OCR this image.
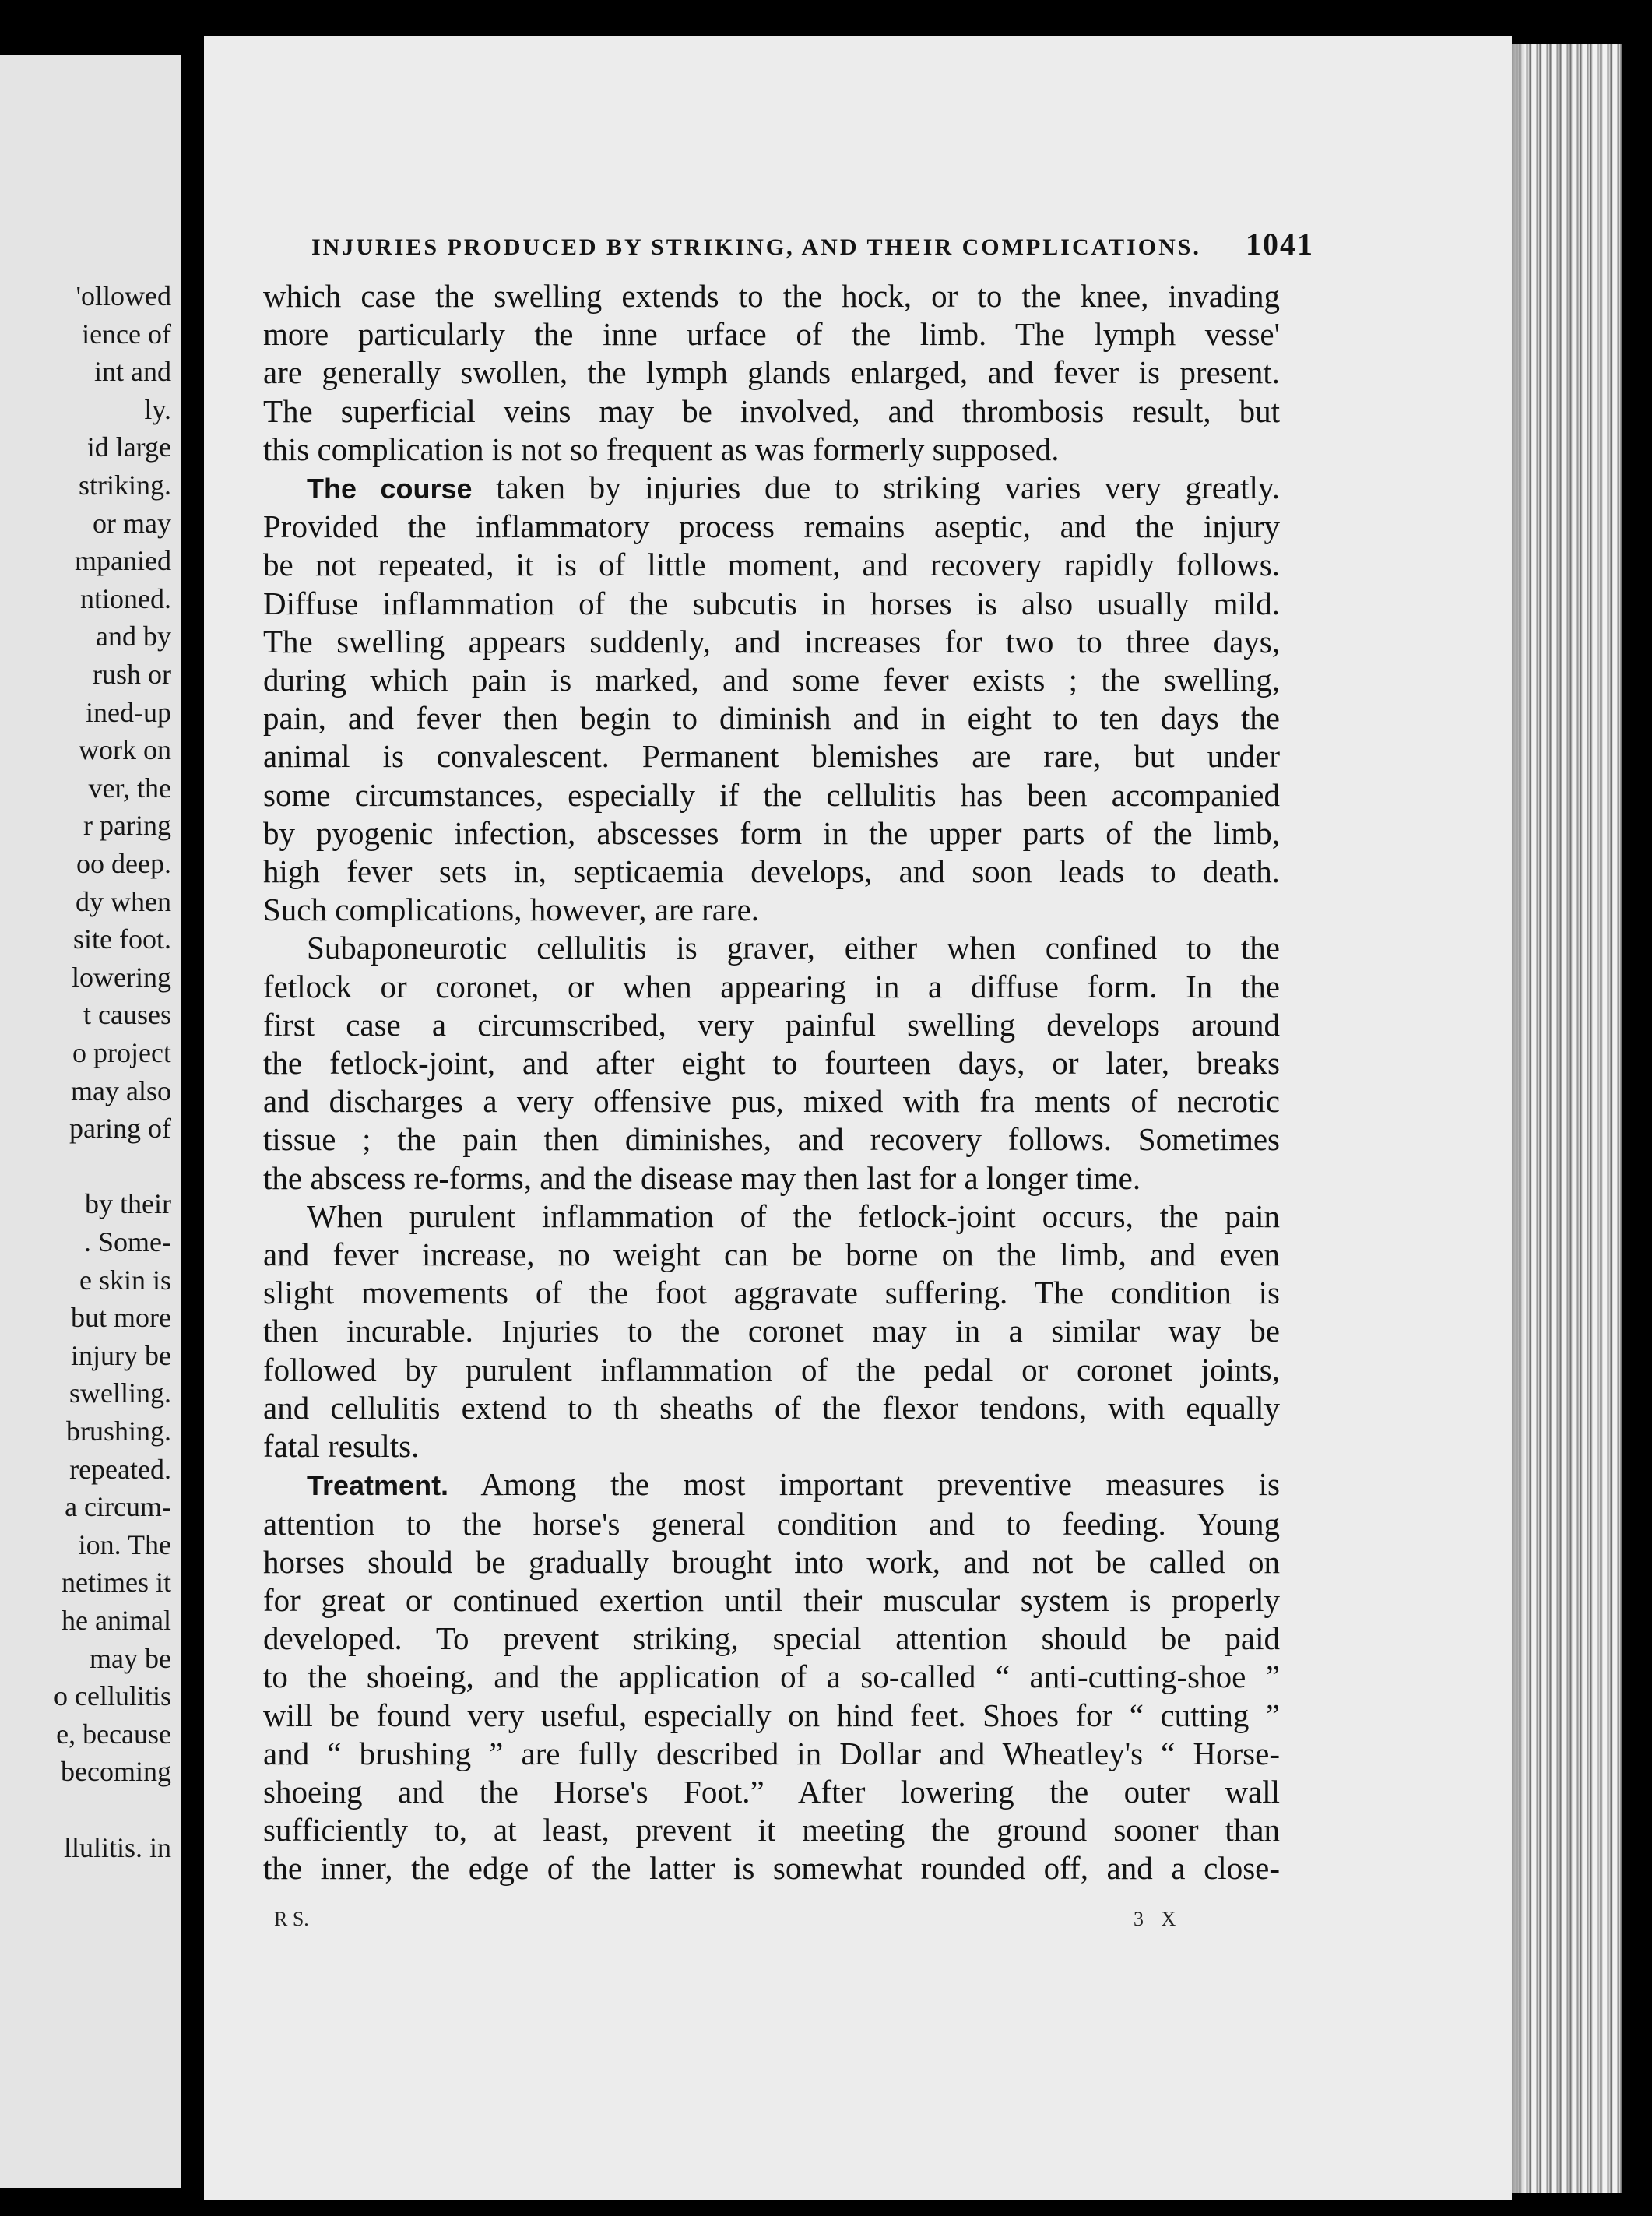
'ollowed
ience of
int and
ly.
id large
striking.
or may
mpanied
ntioned.
and by
rush or
ined-up
work on
ver, the
r paring
oo deep.
dy when
site foot.
lowering
t causes
o project
may also
paring of
by their
. Some-
e skin is
but more
injury be
swelling.
brushing.
repeated.
a circum-
ion. The
netimes it
he animal
may be
o cellulitis
e, because
becoming
llulitis. in
INJURIES PRODUCED BY STRIKING, AND THEIR COMPLICATIONS. 1041
which case the swelling extends to the hock, or to the knee, invading
more particularly the inne urface of the limb. The lymph vesse'
are generally swollen, the lymph glands enlarged, and fever is present.
The superficial veins may be involved, and thrombosis result, but
this complication is not so frequent as was formerly supposed.
The course taken by injuries due to striking varies very greatly.
Provided the inflammatory process remains aseptic, and the injury
be not repeated, it is of little moment, and recovery rapidly follows.
Diffuse inflammation of the subcutis in horses is also usually mild.
The swelling appears suddenly, and increases for two to three days,
during which pain is marked, and some fever exists ; the swelling,
pain, and fever then begin to diminish and in eight to ten days the
animal is convalescent. Permanent blemishes are rare, but under
some circumstances, especially if the cellulitis has been accompanied
by pyogenic infection, abscesses form in the upper parts of the limb,
high fever sets in, septicaemia develops, and soon leads to death.
Such complications, however, are rare.
Subaponeurotic cellulitis is graver, either when confined to the
fetlock or coronet, or when appearing in a diffuse form. In the
first case a circumscribed, very painful swelling develops around
the fetlock-joint, and after eight to fourteen days, or later, breaks
and discharges a very offensive pus, mixed with fra ments of necrotic
tissue ; the pain then diminishes, and recovery follows. Sometimes
the abscess re-forms, and the disease may then last for a longer time.
When purulent inflammation of the fetlock-joint occurs, the pain
and fever increase, no weight can be borne on the limb, and even
slight movements of the foot aggravate suffering. The condition is
then incurable. Injuries to the coronet may in a similar way be
followed by purulent inflammation of the pedal or coronet joints,
and cellulitis extend to th sheaths of the flexor tendons, with equally
fatal results.
Treatment. Among the most important preventive measures is
attention to the horse's general condition and to feeding. Young
horses should be gradually brought into work, and not be called on
for great or continued exertion until their muscular system is properly
developed. To prevent striking, special attention should be paid
to the shoeing, and the application of a so-called “ anti-cutting-shoe ”
will be found very useful, especially on hind feet. Shoes for “ cutting ”
and “ brushing ” are fully described in Dollar and Wheatley's “ Horse-
shoeing and the Horse's Foot.” After lowering the outer wall
sufficiently to, at least, prevent it meeting the ground sooner than
the inner, the edge of the latter is somewhat rounded off, and a close-
R S.	3 X
